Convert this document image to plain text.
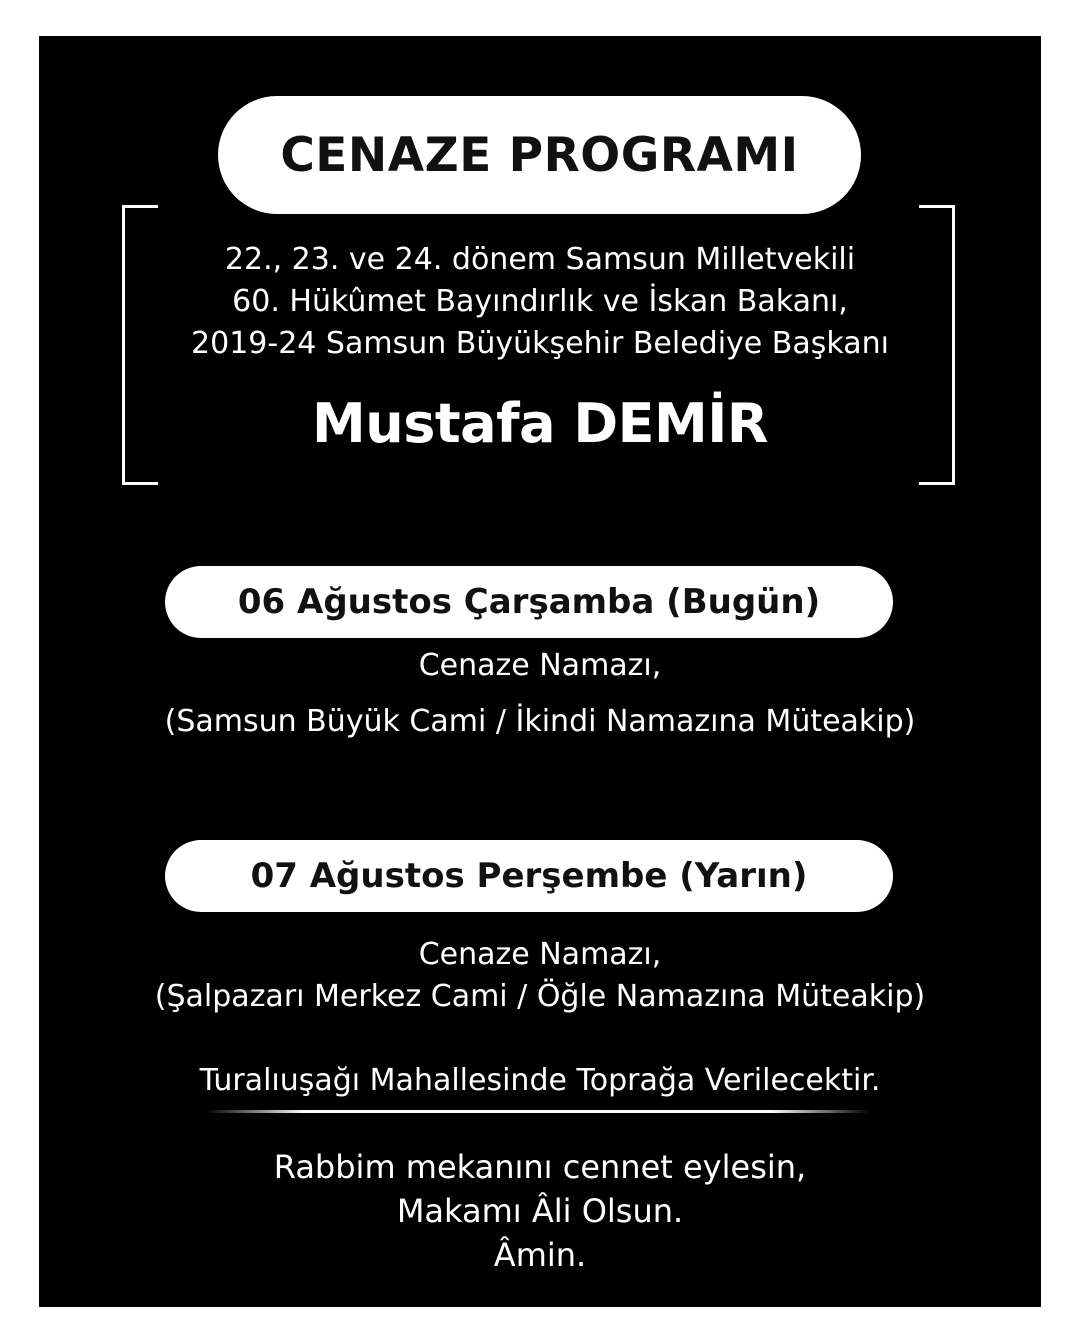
CENAZE PROGRAMI
22., 23. ve 24. dönem Samsun Milletvekili
60. Hükûmet Bayındırlık ve İskan Bakanı,
2019-24 Samsun Büyükşehir Belediye Başkanı
Mustafa DEMİR
06 Ağustos Çarşamba (Bugün)
Cenaze Namazı,
(Samsun Büyük Cami / İkindi Namazına Müteakip)
07 Ağustos Perşembe (Yarın)
Cenaze Namazı,
(Şalpazarı Merkez Cami / Öğle Namazına Müteakip)
Turalıuşağı Mahallesinde Toprağa Verilecektir.
Rabbim mekanını cennet eylesin,
Makamı Âli Olsun.
Âmin.
